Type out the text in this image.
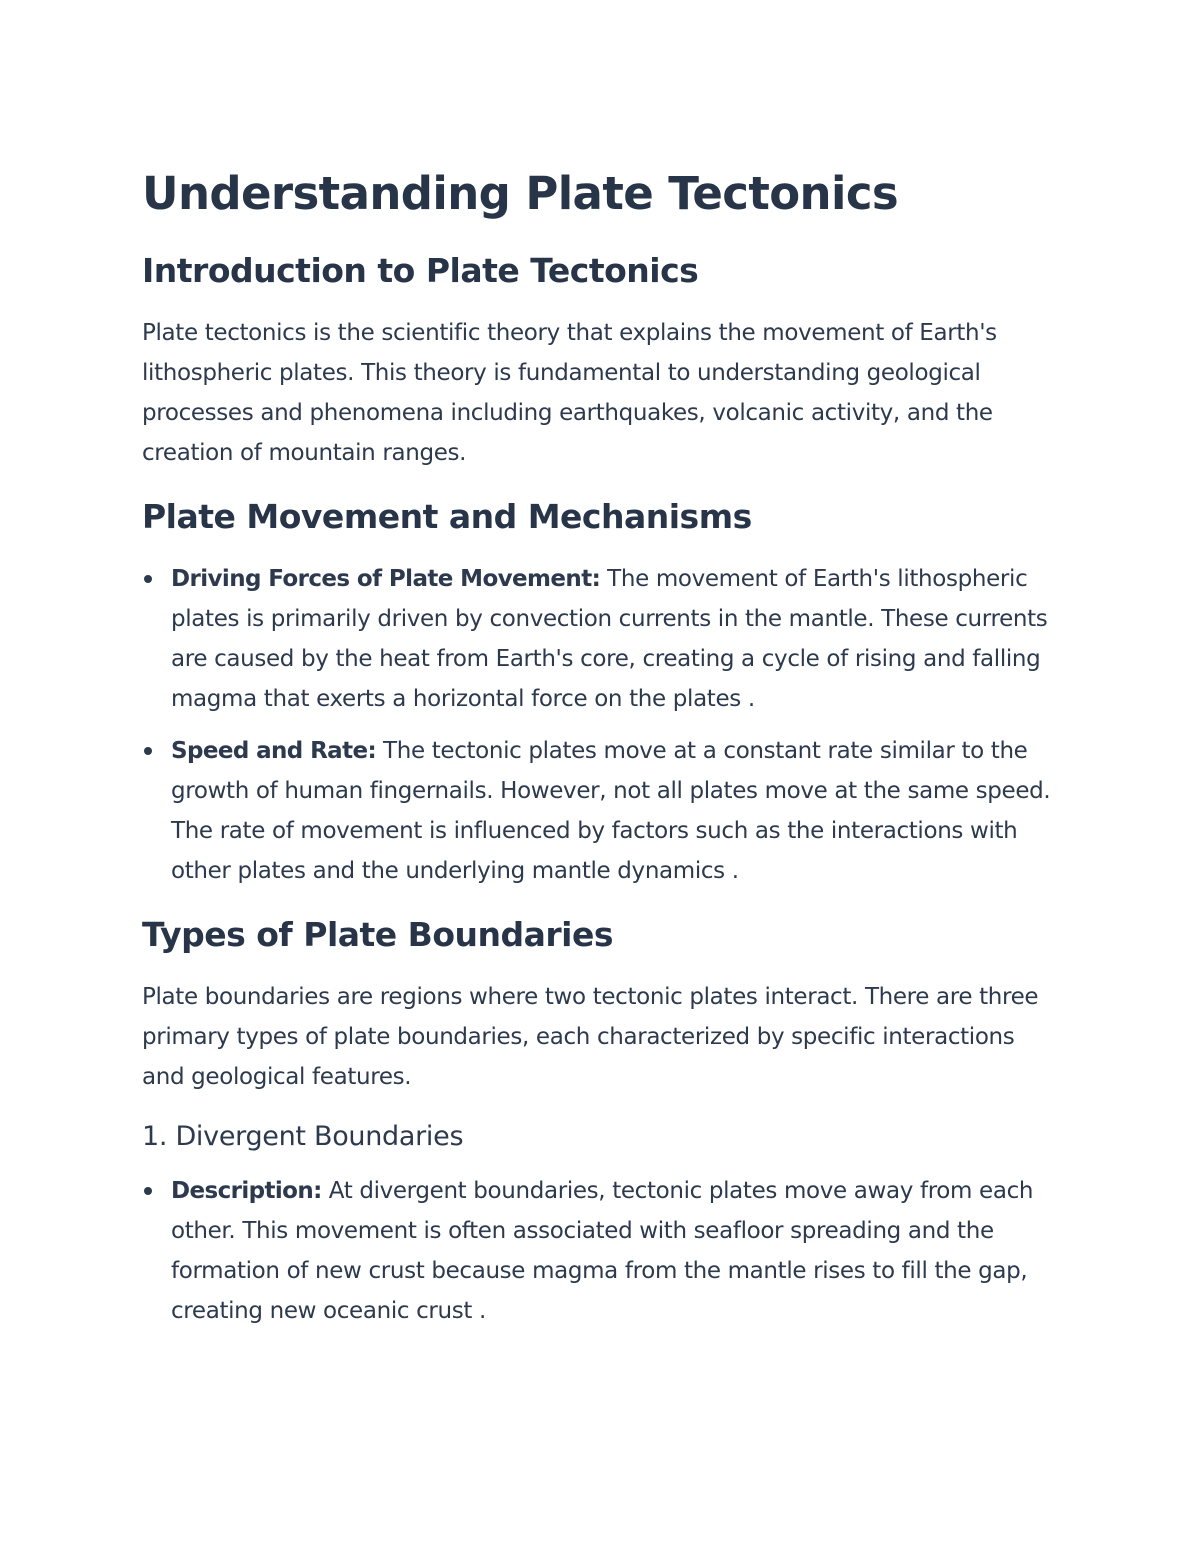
Understanding Plate Tectonics
Introduction to Plate Tectonics

Plate tectonics is the scientific theory that explains the movement of Earth's lithospheric plates. This theory is fundamental to understanding geological processes and phenomena including earthquakes, volcanic activity, and the creation of mountain ranges.

Plate Movement and Mechanisms
Driving Forces of Plate Movement: The movement of Earth's lithospheric plates is primarily driven by convection currents in the mantle. These currents are caused by the heat from Earth's core, creating a cycle of rising and falling magma that exerts a horizontal force on the plates .
Speed and Rate: The tectonic plates move at a constant rate similar to the growth of human fingernails. However, not all plates move at the same speed. The rate of movement is influenced by factors such as the interactions with other plates and the underlying mantle dynamics .
Types of Plate Boundaries

Plate boundaries are regions where two tectonic plates interact. There are three primary types of plate boundaries, each characterized by specific interactions and geological features.

1. Divergent Boundaries
Description: At divergent boundaries, tectonic plates move away from each other. This movement is often associated with seafloor spreading and the formation of new crust because magma from the mantle rises to fill the gap, creating new oceanic crust .
